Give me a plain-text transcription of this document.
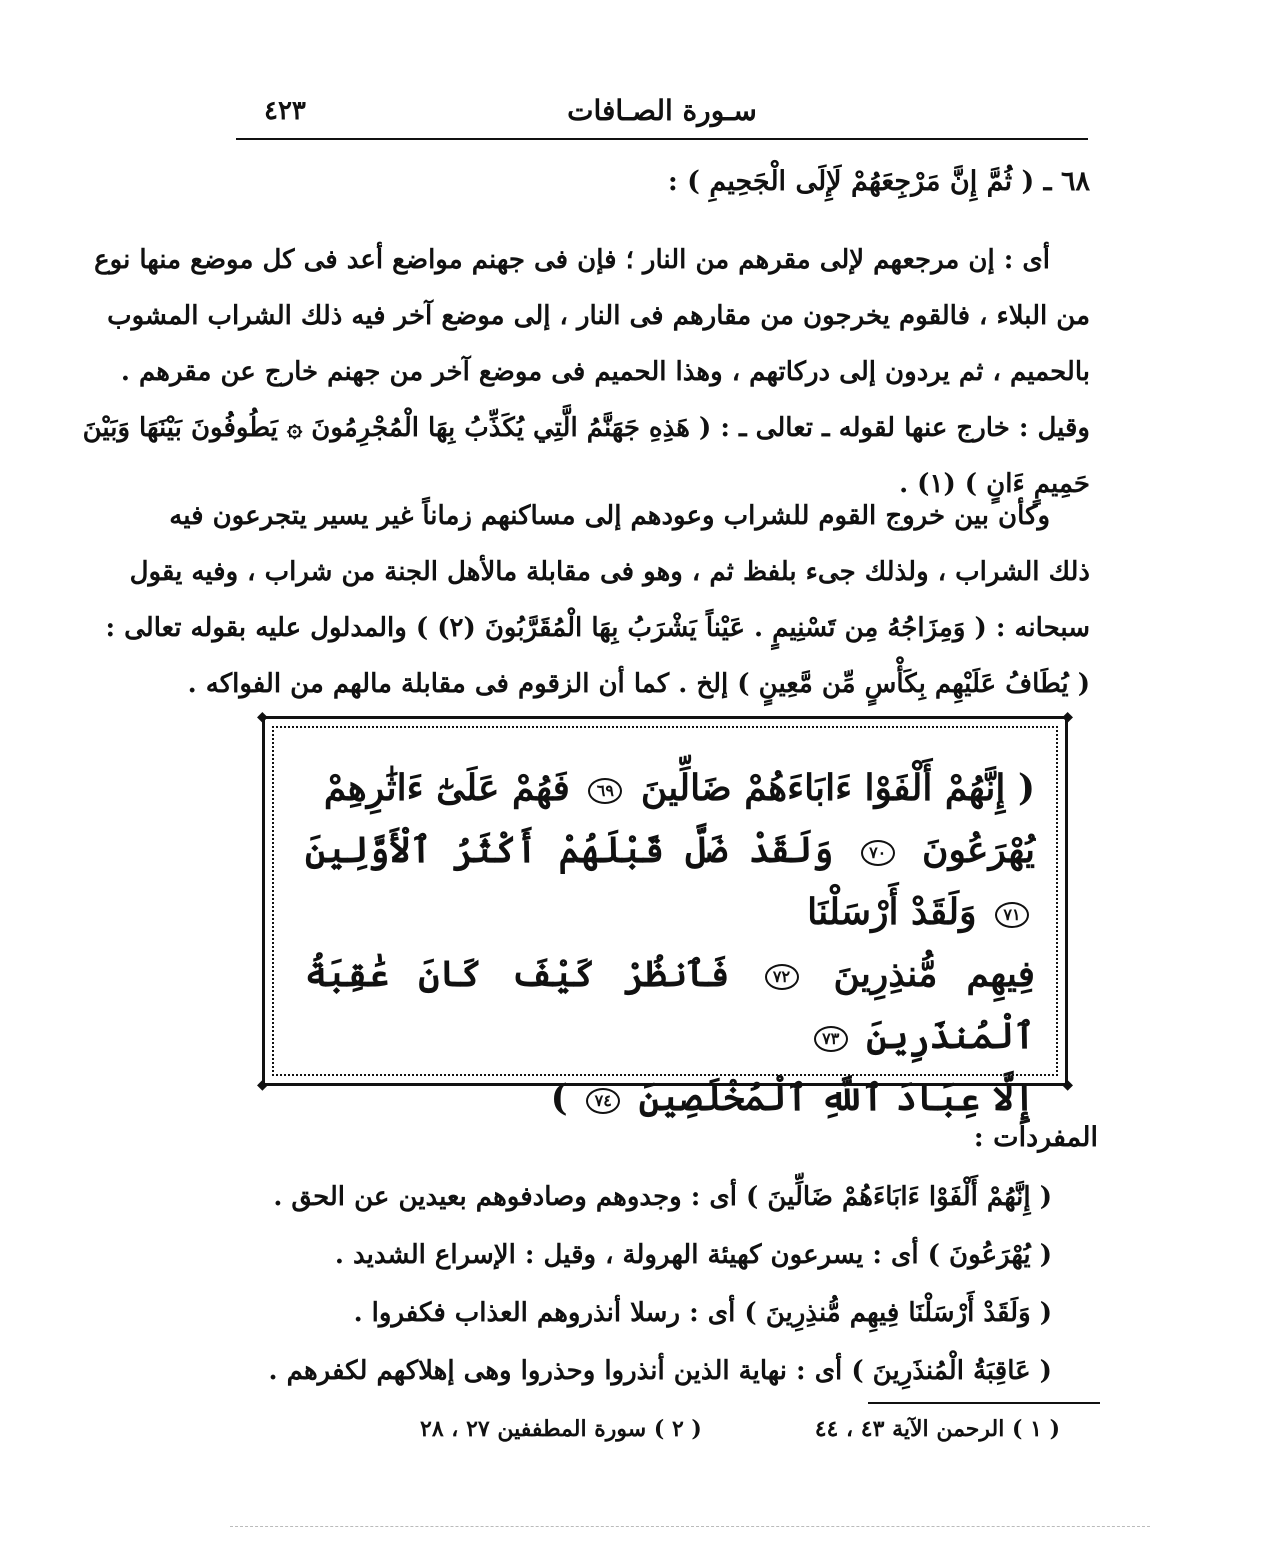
٤٢٣	سـورة الصـافات
٦٨ ـ ( ثُمَّ إِنَّ مَرْجِعَهُمْ لَإِلَى الْجَحِيمِ ) :
أى : إن مرجعهم لإلى مقرهم من النار ؛ فإن فى جهنم مواضع أعد فى كل موضع منها نوع
من البلاء ، فالقوم يخرجون من مقارهم فى النار ، إلى موضع آخر فيه ذلك الشراب المشوب
بالحميم ، ثم يردون إلى دركاتهم ، وهذا الحميم فى موضع آخر من جهنم خارج عن مقرهم .
وقيل : خارج عنها لقوله ـ تعالى ـ : ( هَذِهِ جَهَنَّمُ الَّتِي يُكَذِّبُ بِهَا الْمُجْرِمُونَ ۞ يَطُوفُونَ بَيْنَهَا وَبَيْنَ
حَمِيمٍ ءَانٍ ) (١) .
وكأن بين خروج القوم للشراب وعودهم إلى مساكنهم زماناً غير يسير يتجرعون فيه
ذلك الشراب ، ولذلك جىء بلفظ ثم ، وهو فى مقابلة مالأهل الجنة من شراب ، وفيه يقول
سبحانه : ( وَمِزَاجُهُ مِن تَسْنِيمٍ . عَيْناً يَشْرَبُ بِهَا الْمُقَرَّبُونَ (٢) ) والمدلول عليه بقوله تعالى :
( يُطَافُ عَلَيْهِم بِكَأْسٍ مِّن مَّعِينٍ ) إلخ . كما أن الزقوم فى مقابلة مالهم من الفواكه .
◆	◆
◆	◆
( إِنَّهُمْ أَلْفَوْا ءَابَاءَهُمْ ضَالِّينَ ٦٩ فَهُمْ عَلَىٰٓ ءَاثَٰرِهِمْ
يُهْرَعُونَ ٧٠ وَلَقَدْ ضَلَّ قَبْلَهُمْ أَكْثَرُ ٱلْأَوَّلِينَ ٧١ وَلَقَدْ أَرْسَلْنَا
فِيهِم مُّنذِرِينَ ٧٢ فَٱنظُرْ كَيْفَ كَانَ عَٰقِبَةُ ٱلْمُنذَرِينَ ٧٣
إِلَّا عِبَادَ ٱللَّهِ ٱلْمُخْلَصِينَ ٧٤ )
المفردات :
( إِنَّهُمْ أَلْفَوْا ءَابَاءَهُمْ ضَالِّينَ ) أى : وجدوهم وصادفوهم بعيدين عن الحق .
( يُهْرَعُونَ ) أى : يسرعون كهيئة الهرولة ، وقيل : الإسراع الشديد .
( وَلَقَدْ أَرْسَلْنَا فِيهِم مُّنذِرِينَ ) أى : رسلا أنذروهم العذاب فكفروا .
( عَاقِبَةُ الْمُنذَرِينَ ) أى : نهاية الذين أنذروا وحذروا وهى إهلاكهم لكفرهم .
( ١ ) الرحمن الآية ٤٣ ، ٤٤
( ٢ ) سورة المطففين ٢٧ ، ٢٨
